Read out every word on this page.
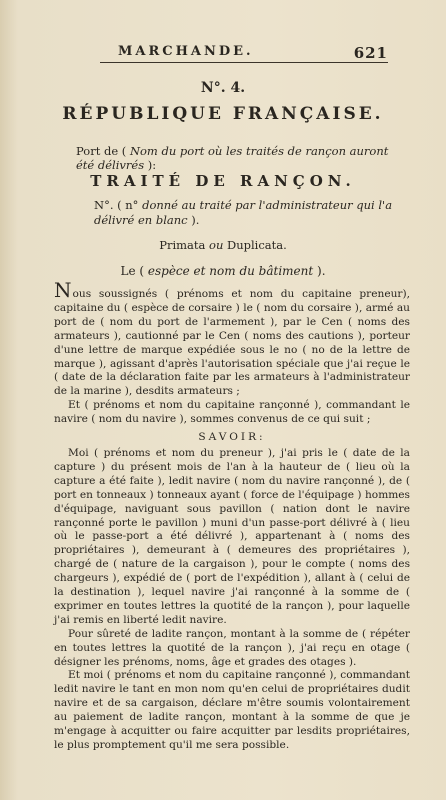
MARCHANDE.	621
N°. 4.
RÉPUBLIQUE FRANÇAISE.
Port de ( Nom du port où les traités de rançon auront été délivrés ):
TRAITÉ DE RANÇON.
N°. ( n° donné au traité par l'administrateur qui l'a délivré en blanc ).
Primata ou Duplicata.
Le ( espèce et nom du bâtiment ).

Nous soussignés ( prénoms et nom du capitaine preneur), capitaine du ( espèce de corsaire ) le ( nom du corsaire ), armé au port de ( nom du port de l'armement ), par le Cen ( noms des armateurs ), cautionné par le Cen ( noms des cautions ), porteur d'une lettre de marque expédiée sous le no ( no de la lettre de marque ), agissant d'après l'autorisation spéciale que j'ai reçue le ( date de la déclaration faite par les armateurs à l'administrateur de la marine ), desdits armateurs ;

Et ( prénoms et nom du capitaine rançonné ), commandant le navire ( nom du navire ), sommes convenus de ce qui suit ;

SAVOIR:

Moi ( prénoms et nom du preneur ), j'ai pris le ( date de la capture ) du présent mois de l'an à la hauteur de ( lieu où la capture a été faite ), ledit navire ( nom du navire rançonné ), de ( port en tonneaux ) tonneaux ayant ( force de l'équipage ) hommes d'équipage, naviguant sous pavillon ( nation dont le navire rançonné porte le pavillon ) muni d'un passe-port délivré à ( lieu où le passe-port a été délivré ), appartenant à ( noms des propriétaires ), demeurant à ( demeures des propriétaires ), chargé de ( nature de la cargaison ), pour le compte ( noms des chargeurs ), expédié de ( port de l'expédition ), allant à ( celui de la destination ), lequel navire j'ai rançonné à la somme de ( exprimer en toutes lettres la quotité de la rançon ), pour laquelle j'ai remis en liberté ledit navire.

Pour sûreté de ladite rançon, montant à la somme de ( répéter en toutes lettres la quotité de la rançon ), j'ai reçu en otage ( désigner les prénoms, noms, âge et grades des otages ).

Et moi ( prénoms et nom du capitaine rançonné ), commandant ledit navire le tant en mon nom qu'en celui de propriétaires dudit navire et de sa cargaison, déclare m'être soumis volontairement au paiement de ladite rançon, montant à la somme de que je m'engage à acquitter ou faire acquitter par lesdits propriétaires, le plus promptement qu'il me sera possible.
